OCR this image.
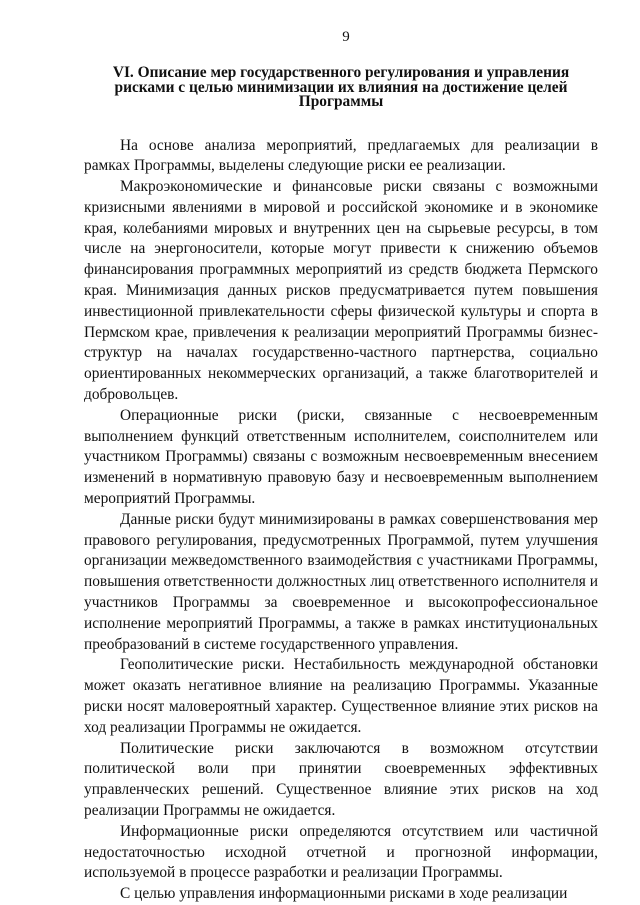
9
VI. Описание мер государственного регулирования и управления рисками с целью минимизации их влияния на достижение целей Программы

На основе анализа мероприятий, предлагаемых для реализации в рамках Программы, выделены следующие риски ее реализации.

Макроэкономические и финансовые риски связаны с возможными кризисными явлениями в мировой и российской экономике и в экономике края, колебаниями мировых и внутренних цен на сырьевые ресурсы, в том числе на энергоносители, которые могут привести к снижению объемов финансирования программных мероприятий из средств бюджета Пермского края. Минимизация данных рисков предусматривается путем повышения инвестиционной привлекательности сферы физической культуры и спорта в Пермском крае, привлечения к реализации мероприятий Программы бизнес-структур на началах государственно-частного партнерства, социально ориентированных некоммерческих организаций, а также благотворителей и добровольцев.

Операционные риски (риски, связанные с несвоевременным выполнением функций ответственным исполнителем, соисполнителем или участником Программы) связаны с возможным несвоевременным внесением изменений в нормативную правовую базу и несвоевременным выполнением мероприятий Программы.

Данные риски будут минимизированы в рамках совершенствования мер правового регулирования, предусмотренных Программой, путем улучшения организации межведомственного взаимодействия с участниками Программы, повышения ответственности должностных лиц ответственного исполнителя и участников Программы за своевременное и высокопрофессиональное исполнение мероприятий Программы, а также в рамках институциональных преобразований в системе государственного управления.

Геополитические риски. Нестабильность международной обстановки может оказать негативное влияние на реализацию Программы. Указанные риски носят маловероятный характер. Существенное влияние этих рисков на ход реализации Программы не ожидается.

Политические риски заключаются в возможном отсутствии политической воли при принятии своевременных эффективных управленческих решений. Существенное влияние этих рисков на ход реализации Программы не ожидается.

Информационные риски определяются отсутствием или частичной недостаточностью исходной отчетной и прогнозной информации, используемой в процессе разработки и реализации Программы.

С целью управления информационными рисками в ходе реализации
